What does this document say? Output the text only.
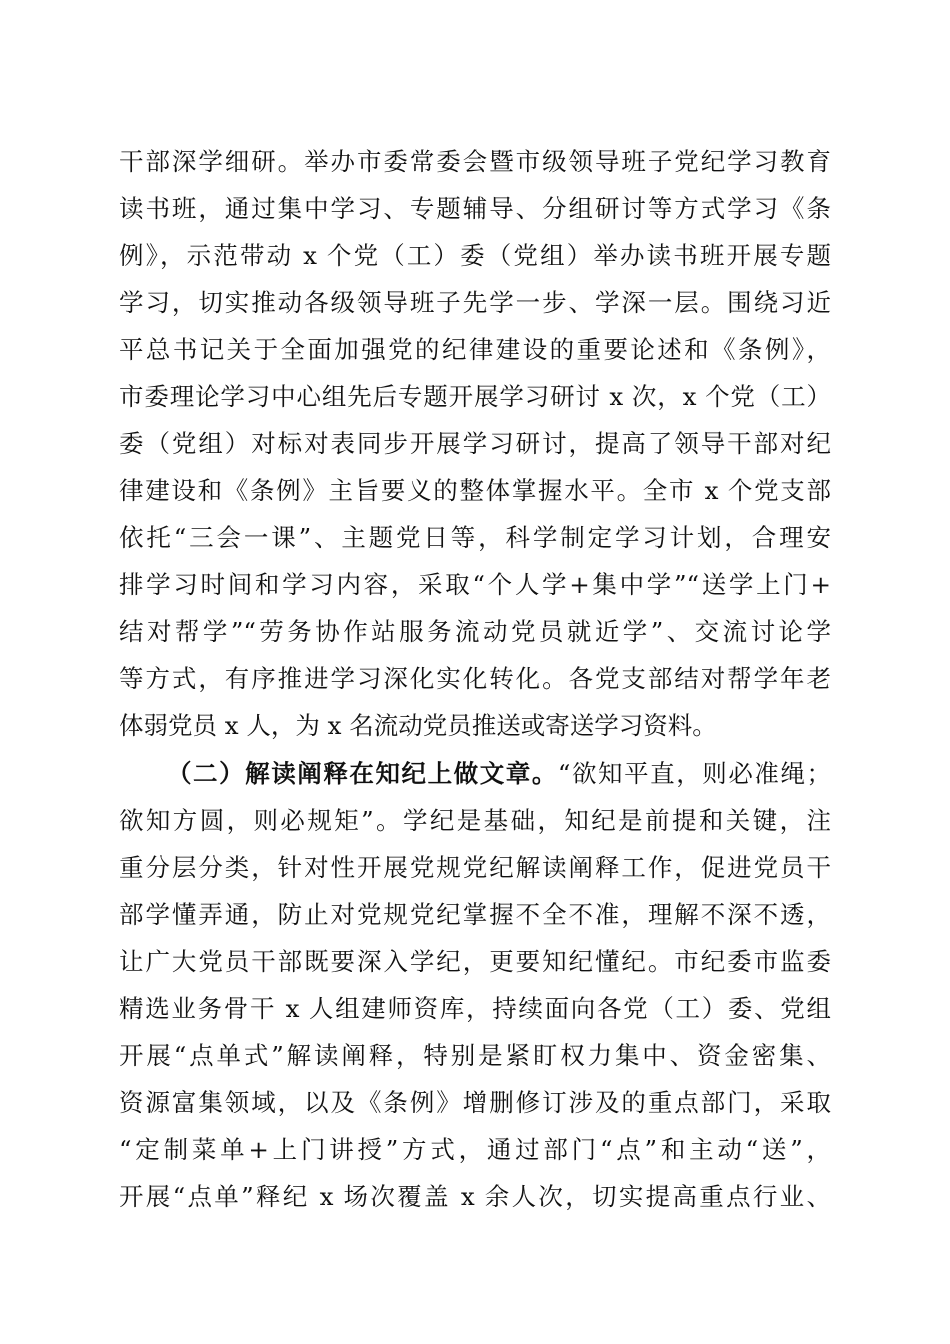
干部深学细研。举办市委常委会暨市级领导班子党纪学习教育
读书班，通过集中学习、专题辅导、分组研讨等方式学习《条
例》，示范带动 x 个党（工）委（党组）举办读书班开展专题
学习，切实推动各级领导班子先学一步、学深一层。围绕习近
平总书记关于全面加强党的纪律建设的重要论述和《条例》，
市委理论学习中心组先后专题开展学习研讨 x 次，x 个党（工）
委（党组）对标对表同步开展学习研讨，提高了领导干部对纪
律建设和《条例》主旨要义的整体掌握水平。全市 x 个党支部
依托“三会一课”、主题党日等，科学制定学习计划，合理安
排学习时间和学习内容，采取“个人学+集中学”“送学上门+
结对帮学”“劳务协作站服务流动党员就近学”、交流讨论学
等方式，有序推进学习深化实化转化。各党支部结对帮学年老
体弱党员 x 人，为 x 名流动党员推送或寄送学习资料。
（二）解读阐释在知纪上做文章。“欲知平直，则必准绳；
欲知方圆，则必规矩”。学纪是基础，知纪是前提和关键，注
重分层分类，针对性开展党规党纪解读阐释工作，促进党员干
部学懂弄通，防止对党规党纪掌握不全不准，理解不深不透，
让广大党员干部既要深入学纪，更要知纪懂纪。市纪委市监委
精选业务骨干 x 人组建师资库，持续面向各党（工）委、党组
开展“点单式”解读阐释，特别是紧盯权力集中、资金密集、
资源富集领域，以及《条例》增删修订涉及的重点部门，采取
“定制菜单+上门讲授”方式，通过部门“点”和主动“送”，
开展“点单”释纪 x 场次覆盖 x 余人次，切实提高重点行业、
